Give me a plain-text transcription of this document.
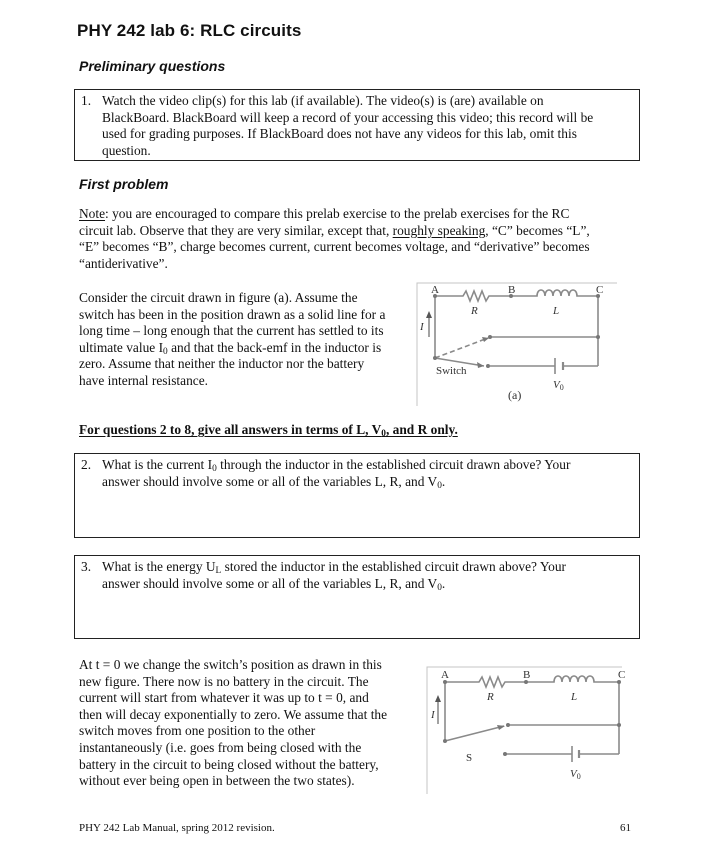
PHY 242 lab 6: RLC circuits
Preliminary questions
1. Watch the video clip(s) for this lab (if available). The video(s) is (are) available on
BlackBoard. BlackBoard will keep a record of your accessing this video; this record will be
used for grading purposes. If BlackBoard does not have any videos for this lab, omit this
question.
First problem
Note: you are encouraged to compare this prelab exercise to the prelab exercises for the RC
circuit lab. Observe that they are very similar, except that, roughly speaking, “C” becomes “L”,
“E” becomes “B”, charge becomes current, current becomes voltage, and “derivative” becomes
“antiderivative”.
Consider the circuit drawn in figure (a). Assume the
switch has been in the position drawn as a solid line for a
long time – long enough that the current has settled to its
ultimate value $I_0$ and that the back-emf in the inductor is
zero. Assume that neither the inductor nor the battery
have internal resistance.
A	B	C
R	L
I
Switch
V0
(a)
For questions 2 to 8, give all answers in terms of L, $V_0$, and R only.
2. What is the current $I_0$ through the inductor in the established circuit drawn above? Your
answer should involve some or all of the variables L, R, and $V_0$.
3. What is the energy $U_L$ stored the inductor in the established circuit drawn above? Your
answer should involve some or all of the variables L, R, and $V_0$.
At t = 0 we change the switch’s position as drawn in this
new figure. There now is no battery in the circuit. The
current will start from whatever it was up to t = 0, and
then will decay exponentially to zero. We assume that the
switch moves from one position to the other
instantaneously (i.e. goes from being closed with the
battery in the circuit to being closed without the battery,
without ever being open in between the two states).
A	B	C
R	L
I
S
V0
PHY 242 Lab Manual, spring 2012 revision.	61
